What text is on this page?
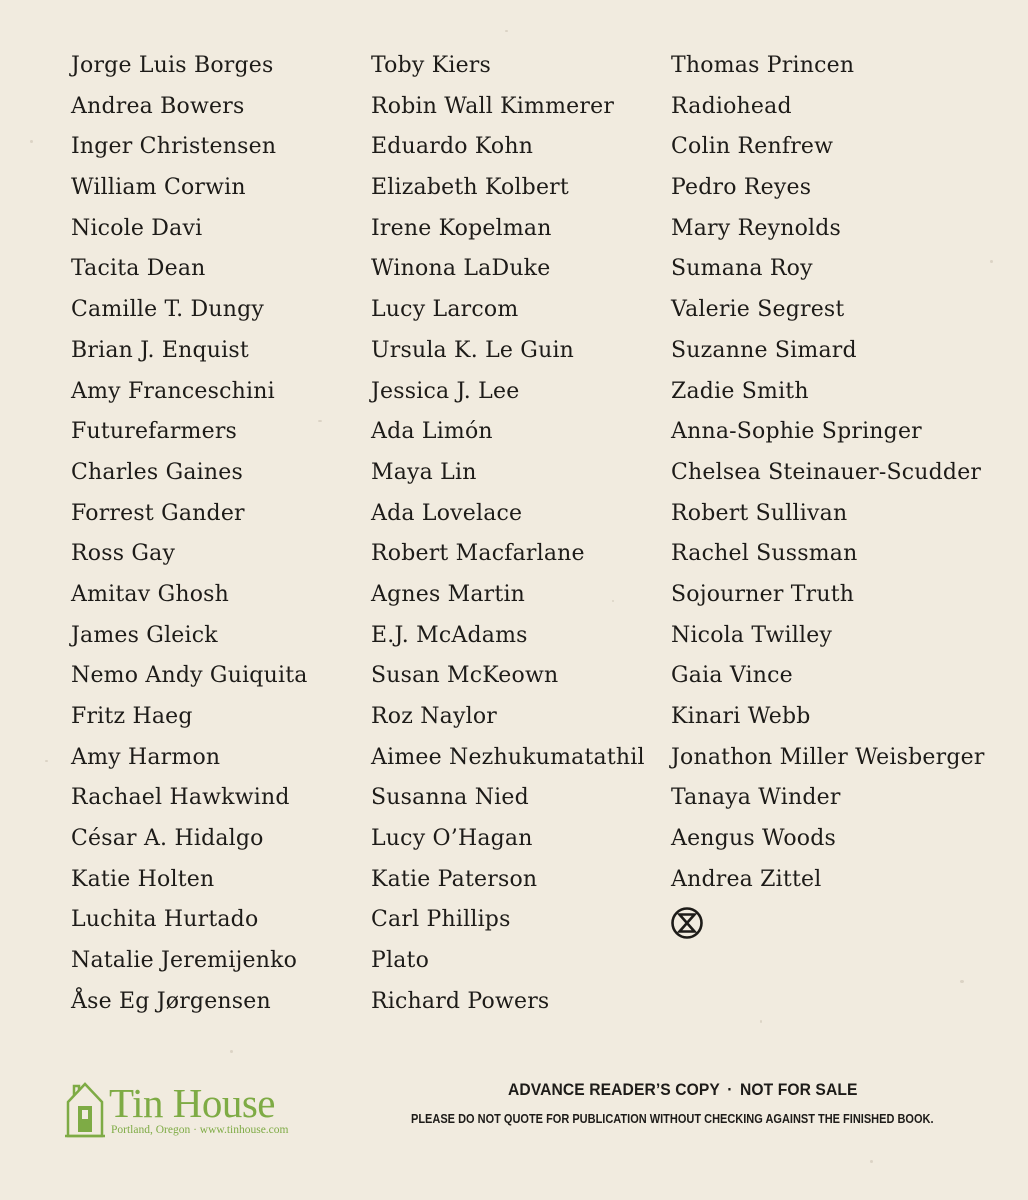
Jorge Luis Borges
Andrea Bowers
Inger Christensen
William Corwin
Nicole Davi
Tacita Dean
Camille T. Dungy
Brian J. Enquist
Amy Franceschini
Futurefarmers
Charles Gaines
Forrest Gander
Ross Gay
Amitav Ghosh
James Gleick
Nemo Andy Guiquita
Fritz Haeg
Amy Harmon
Rachael Hawkwind
César A. Hidalgo
Katie Holten
Luchita Hurtado
Natalie Jeremijenko
Åse Eg Jørgensen
Toby Kiers
Robin Wall Kimmerer
Eduardo Kohn
Elizabeth Kolbert
Irene Kopelman
Winona LaDuke
Lucy Larcom
Ursula K. Le Guin
Jessica J. Lee
Ada Limón
Maya Lin
Ada Lovelace
Robert Macfarlane
Agnes Martin
E.J. McAdams
Susan McKeown
Roz Naylor
Aimee Nezhukumatathil
Susanna Nied
Lucy O’Hagan
Katie Paterson
Carl Phillips
Plato
Richard Powers
Thomas Princen
Radiohead
Colin Renfrew
Pedro Reyes
Mary Reynolds
Sumana Roy
Valerie Segrest
Suzanne Simard
Zadie Smith
Anna-Sophie Springer
Chelsea Steinauer-Scudder
Robert Sullivan
Rachel Sussman
Sojourner Truth
Nicola Twilley
Gaia Vince
Kinari Webb
Jonathon Miller Weisberger
Tanaya Winder
Aengus Woods
Andrea Zittel
Tin House
Portland, Oregon · www.tinhouse.com
ADVANCE READER’S COPY · NOT FOR SALE
PLEASE DO NOT QUOTE FOR PUBLICATION WITHOUT CHECKING AGAINST THE FINISHED BOOK.
